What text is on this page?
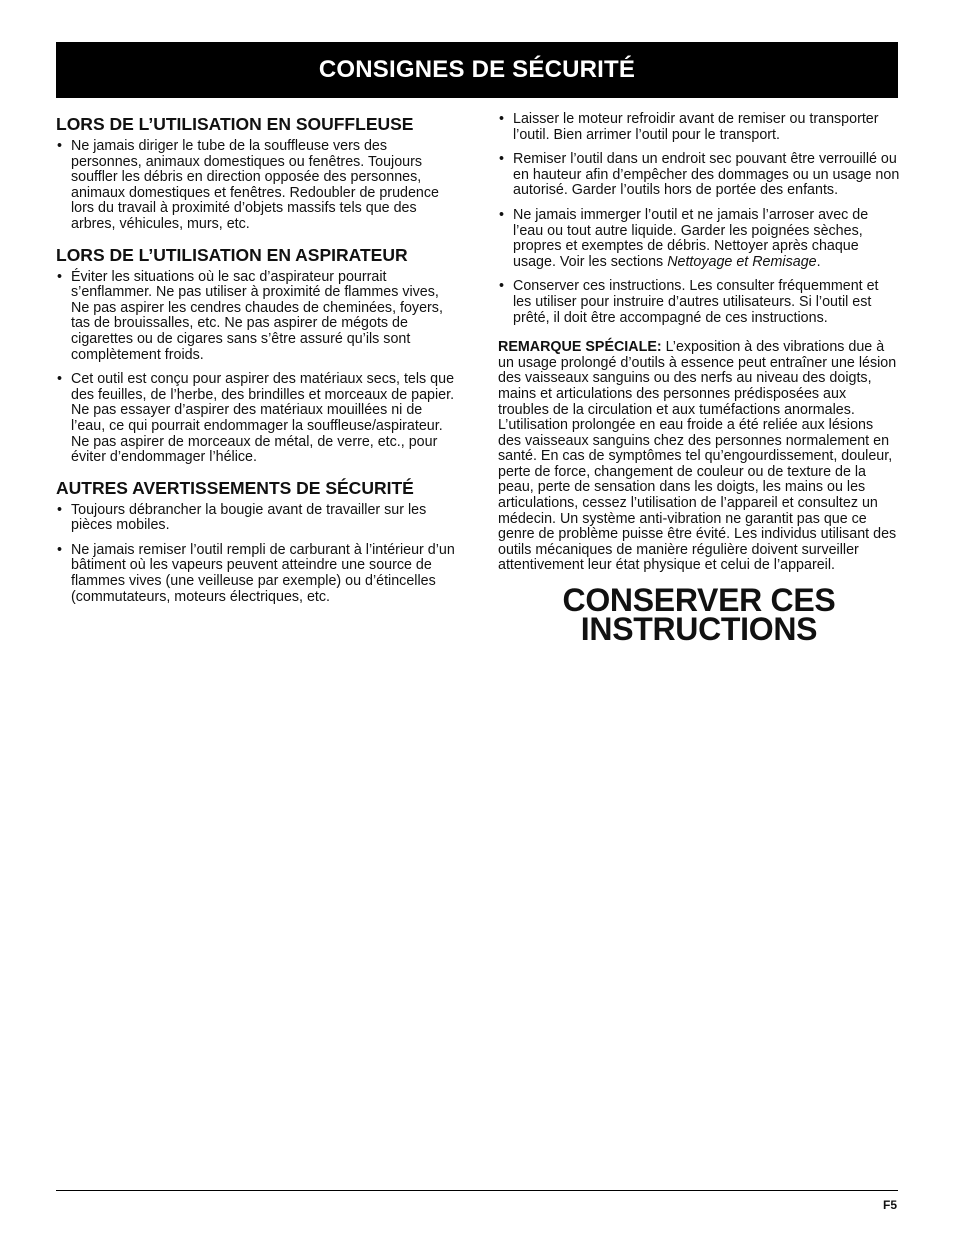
CONSIGNES DE SÉCURITÉ
LORS DE L’UTILISATION EN SOUFFLEUSE
• Ne jamais diriger le tube de la souffleuse vers des personnes, animaux domestiques ou fenêtres. Toujours souffler les débris en direction opposée des personnes, animaux domestiques et fenêtres. Redoubler de prudence lors du travail à proximité d’objets massifs tels que des arbres, véhicules, murs, etc.
LORS DE L’UTILISATION EN ASPIRATEUR
• Éviter les situations où le sac d’aspirateur pourrait s’enflammer. Ne pas utiliser à proximité de flammes vives, Ne pas aspirer les cendres chaudes de cheminées, foyers, tas de brouissalles, etc. Ne pas aspirer de mégots de cigarettes ou de cigares sans s’être assuré qu’ils sont complètement froids.
• Cet outil est conçu pour aspirer des matériaux secs, tels que des feuilles, de l’herbe, des brindilles et morceaux de papier. Ne pas essayer d’aspirer des matériaux mouillées ni de l’eau, ce qui pourrait endommager la souffleuse/aspirateur. Ne pas aspirer de morceaux de métal, de verre, etc., pour éviter d’endommager l’hélice.
AUTRES AVERTISSEMENTS DE SÉCURITÉ
• Toujours débrancher la bougie avant de travailler sur les pièces mobiles.
• Ne jamais remiser l’outil rempli de carburant à l’intérieur d’un bâtiment où les vapeurs peuvent atteindre une source de flammes vives (une veilleuse par exemple) ou d’étincelles (commutateurs, moteurs électriques, etc.
• Laisser le moteur refroidir avant de remiser ou transporter l’outil. Bien arrimer l’outil pour le transport.
• Remiser l’outil dans un endroit sec pouvant être verrouillé ou en hauteur afin d’empêcher des dommages ou un usage non autorisé. Garder l’outils hors de portée des enfants.
• Ne jamais immerger l’outil et ne jamais l’arroser avec de l’eau ou tout autre liquide. Garder les poignées sèches, propres et exemptes de débris. Nettoyer après chaque usage. Voir les sections Nettoyage et Remisage.
• Conserver ces instructions. Les consulter fréquemment et les utiliser pour instruire d’autres utilisateurs. Si l’outil est prêté, il doit être accompagné de ces instructions.
REMARQUE SPÉCIALE: L’exposition à des vibrations due à un usage prolongé d’outils à essence peut entraîner une lésion des vaisseaux sanguins ou des nerfs au niveau des doigts, mains et articulations des personnes prédisposées aux troubles de la circulation et aux tuméfactions anormales. L’utilisation prolongée en eau froide a été reliée aux lésions des vaisseaux sanguins chez des personnes normalement en santé. En cas de symptômes tel qu’engourdissement, douleur, perte de force, changement de couleur ou de texture de la peau, perte de sensation dans les doigts, les mains ou les articulations, cessez l’utilisation de l’appareil et consultez un médecin. Un système anti-vibration ne garantit pas que ce genre de problème puisse être évité. Les individus utilisant des outils mécaniques de manière régulière doivent surveiller attentivement leur état physique et celui de l’appareil.
CONSERVER CES
INSTRUCTIONS
F5
